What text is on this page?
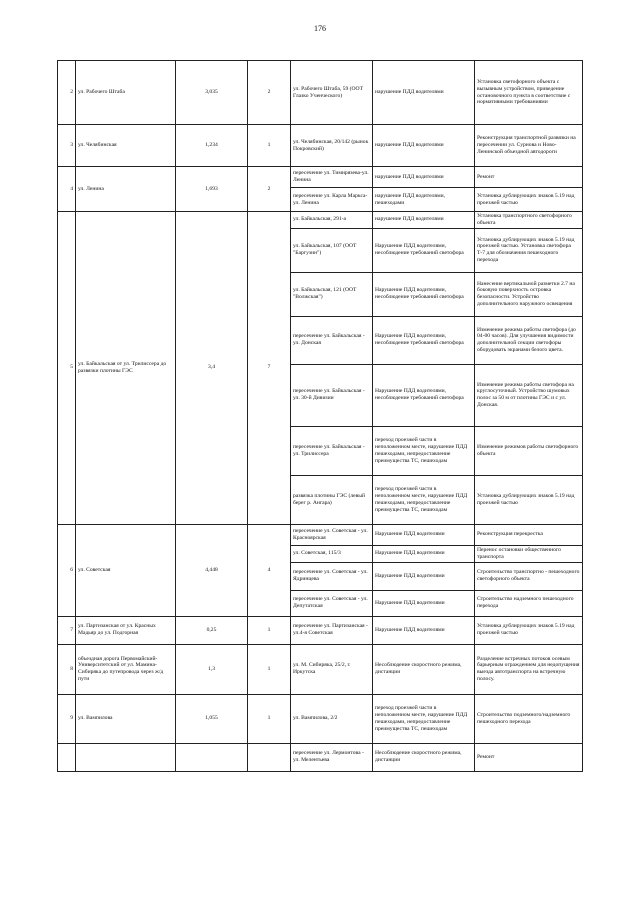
176
2	ул. Рабочего Штаба	3,035	2	ул. Рабочего Штаба, 59 (ООТ Глазко Ученческого)	нарушение ПДД водителями	Установка светофорного объекта с вызывным устройством, приведение остановочного пункта в соответствие с нормативными требованиями
3	ул. Челябинская	1,234	1	ул. Челябинская, 20/142 (рынок Покровский)	нарушение ПДД водителями	Реконструкция транспортной развязки на пересечении ул. Сурнова и Ново-Ленинской объездной автодороги
4	ул. Ленина	1,693	2	пересечение ул. Тимирязева-ул. Ленина	нарушение ПДД водителями	Ремонт
				пересечение ул. Карла Маркса-ул. Ленина	нарушение ПДД водителями, пешеходами	Установка дублирующих знаков 5.19 над проезжей частью
5	ул. Байкальская от ул. Трилиссера до развязки плотины ГЭС	3,4	7	ул. Байкальская, 291-а	нарушение ПДД водителями	Установка транспортного светофорного объекта
				ул. Байкальская, 107 (ООТ "Баргузин")	Нарушение ПДД водителями, несоблюдение требований светофора	Установка дублирующих знаков 5.19 над проезжей частью. Установка светофора Т-7 для обозначения пешеходного перехода
				ул. Байкальская, 121 (ООТ "Волжская")	Нарушение ПДД водителями, несоблюдение требований светофора	Нанесение вертикальной разметки 2.7 на боковую поверхность островка безопасности. Устройство дополнительного наружного освещения
				пересечение ул. Байкальская - ул. Донская	Нарушение ПДД водителями, несоблюдение требований светофора	Изменение режима работы светофора (до 04-00 часов). Для улучшения видимости дополнительной секции светофоры оборудовать экранами белого цвета.
				пересечение ул. Байкальская - ул. 30-й Дивизии	Нарушение ПДД водителями, несоблюдение требований светофора	Изменение режима работы светофора на круглосуточный. Устройство шумовых полос за 50 м от плотины ГЭС и с ул. Донская.
				пересечение ул. Байкальская - ул. Трилиссера	переход проезжей части в неположенном месте, нарушение ПДД пешеходами, непредоставление преимущества ТС, пешеходам	Изменение режимов работы светофорного объекта
				развязка плотины ГЭС (левый берег р. Ангара)	переход проезжей части в неположенном месте, нарушение ПДД пешеходами, непредоставление преимущества ТС, пешеходам	Установка дублирующих знаков 5.19 над проезжей частью
6	ул. Советская	4,448	4	пересечение ул. Советская - ул. Красноярская	Нарушение ПДД водителями	Реконструкция перекрестка
				ул. Советская, 115/3	Нарушение ПДД водителями	Перенос остановки общественного транспорта
				пересечение ул. Советская - ул. Ядринцева	Нарушение ПДД водителями	Строительство транспортно - пешеходного светофорного объекта
				пересечение ул. Советская - ул. Депутатская	Нарушение ПДД водителями	Строительство надземного пешеходного перехода
7	ул. Партизанская от ул. Красных Мадьяр до ул. Подгорная	0,25	1	пересечение ул. Партизанская - ул.4-я Советская	Нарушение ПДД водителями	Установка дублирующих знаков 5.19 над проезжей частью
8	объездная дорога Первомайский-Университетский от ул. Мамина-Сибиряка до путепровода через ж/д пути	1,3	1	ул. М. Сибиряка, 25/2, г. Иркутска	Несоблюдение скоростного режима, дистанции	Разделение встречных потоков осевым барьерным ограждением для недопущения выезда автотранспорта на встречную полосу.
9	ул. Вампилова	1,055	1	ул. Вампилова, 2/2	переход проезжей части в неположенном месте, нарушение ПДД пешеходами, непредоставление преимущества ТС, пешеходам	Строительство подземного/надземного пешеходного перехода
				пересечение ул. Лермонтова - ул. Мелентьева	Несоблюдение скоростного режима, дистанции	Ремонт
